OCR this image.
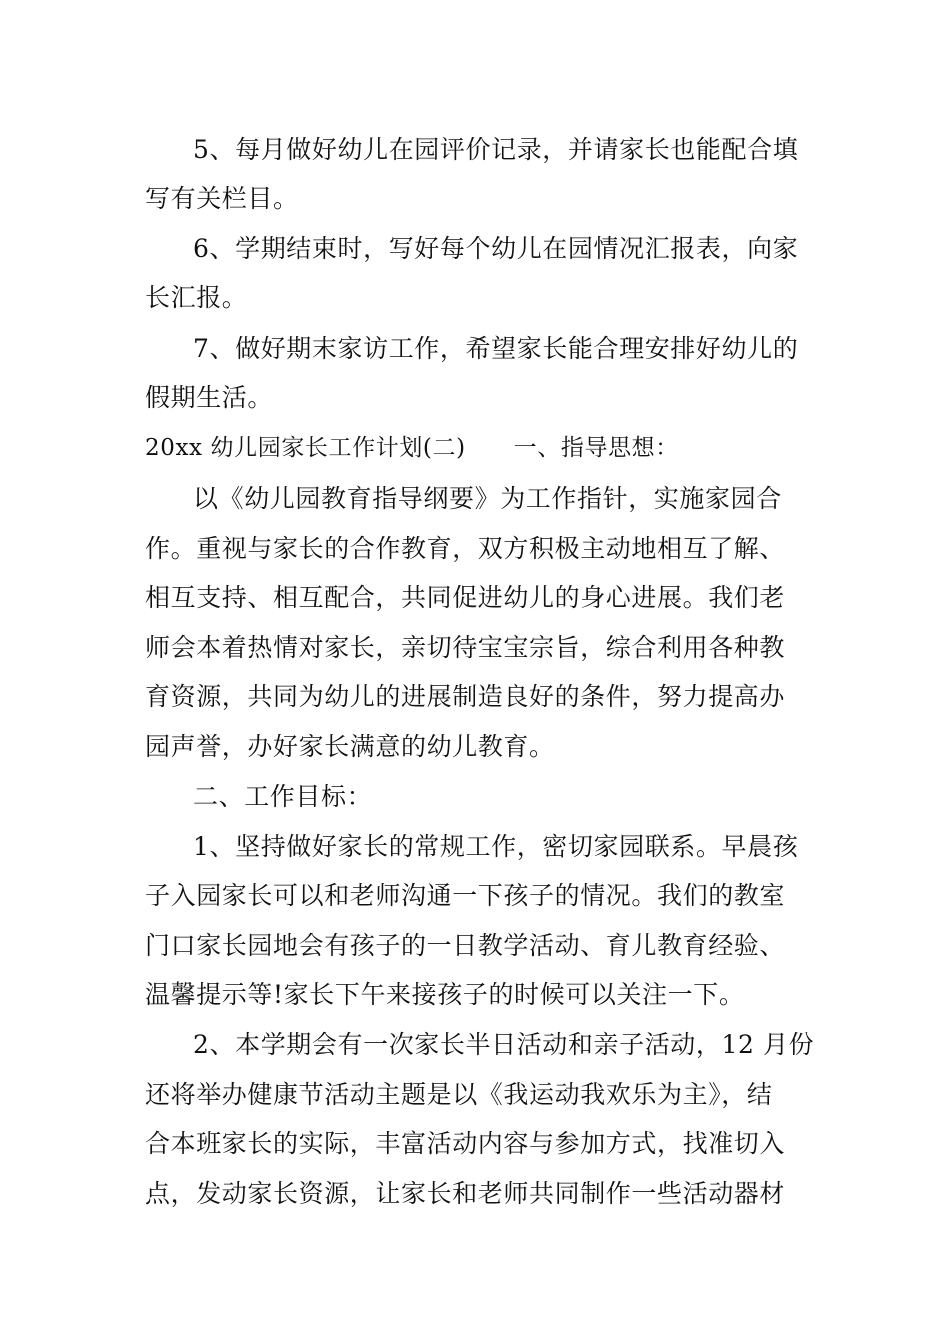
5、每月做好幼儿在园评价记录，并请家长也能配合填
写有关栏目。
6、学期结束时，写好每个幼儿在园情况汇报表，向家
长汇报。
7、做好期末家访工作，希望家长能合理安排好幼儿的
假期生活。
20xx 幼儿园家长工作计划(二) 一、指导思想：
以《幼儿园教育指导纲要》为工作指针，实施家园合
作。重视与家长的合作教育，双方积极主动地相互了解、
相互支持、相互配合，共同促进幼儿的身心进展。我们老
师会本着热情对家长，亲切待宝宝宗旨，综合利用各种教
育资源，共同为幼儿的进展制造良好的条件，努力提高办
园声誉，办好家长满意的幼儿教育。
二、工作目标：
1、坚持做好家长的常规工作，密切家园联系。早晨孩
子入园家长可以和老师沟通一下孩子的情况。我们的教室
门口家长园地会有孩子的一日教学活动、育儿教育经验、
温馨提示等!家长下午来接孩子的时候可以关注一下。
2、本学期会有一次家长半日活动和亲子活动，12 月份
还将举办健康节活动主题是以《我运动我欢乐为主》，结
合本班家长的实际，丰富活动内容与参加方式，找准切入
点，发动家长资源，让家长和老师共同制作一些活动器材
